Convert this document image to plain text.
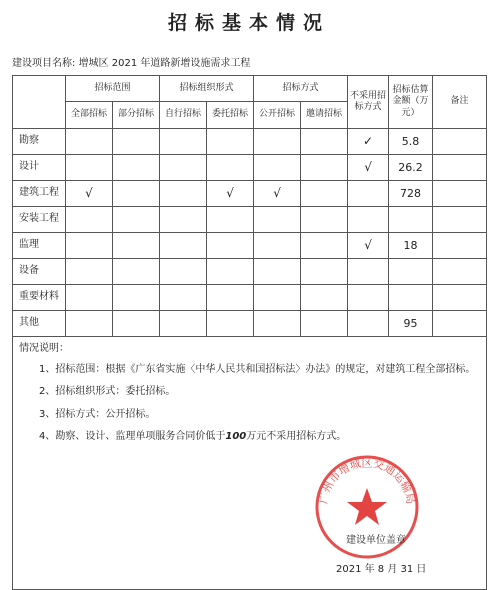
招标基本情况
建设项目名称: 增城区 2021 年道路新增设施需求工程
	招标范围		招标组织形式		招标方式		不采用招标方式	招标估算金额（万元）	备注
	全部招标	部分招标	自行招标	委托招标	公开招标	邀请招标			
勘察							✓	5.8	
设计							√	26.2	
建筑工程	√			√	√			728	
安装工程									
监理							√	18	
设备									
重要材料									
其他								95	

情况说明：
1、招标范围：根据《广东省实施〈中华人民共和国招标法〉办法》的规定，对建筑工程全部招标。
2、招标组织形式：委托招标。
3、招标方式：公开招标。
4、勘察、设计、监理单项服务合同价低于100万元不采用招标方式。									
广州市增城区交通运输局
建设单位盖章
2021 年 8 月 31 日
